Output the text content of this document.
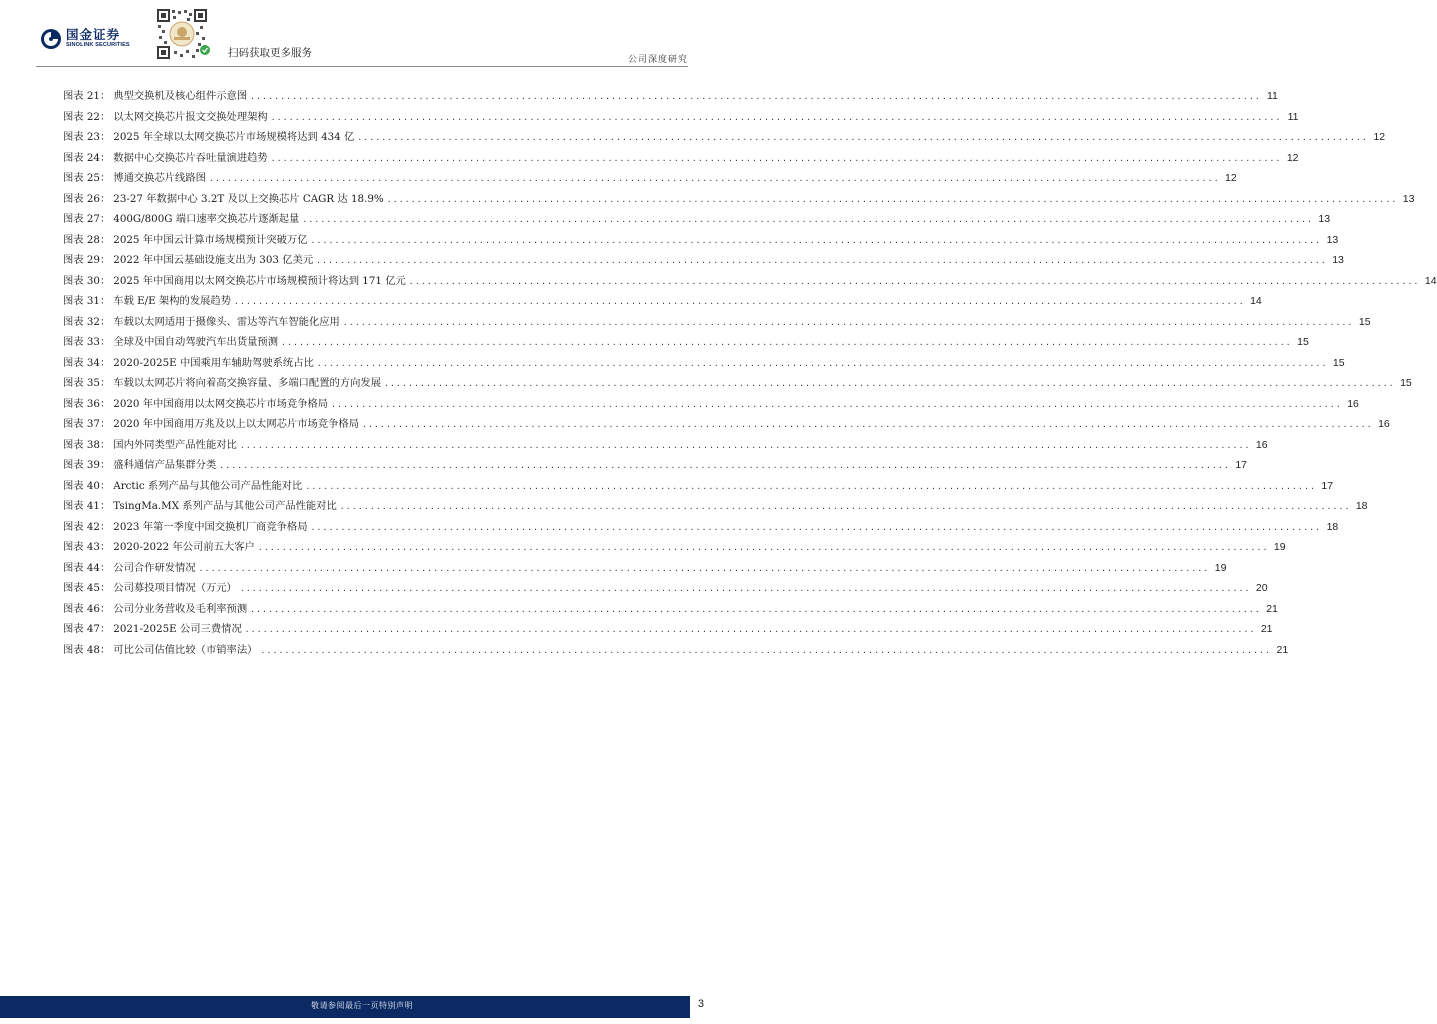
国金证券
SINOLINK SECURITIES
扫码获取更多服务
公司深度研究
图表 21： 典型交换机及核心组件示意图 .....	11
图表 22： 以太网交换芯片报文交换处理架构 .....	11
图表 23： 2025 年全球以太网交换芯片市场规模将达到 434 亿 .....	12
图表 24： 数据中心交换芯片吞吐量演进趋势 .....	12
图表 25： 博通交换芯片线路图 .....	12
图表 26： 23-27 年数据中心 3.2T 及以上交换芯片 CAGR 达 18.9% .....	13
图表 27： 400G/800G 端口速率交换芯片逐渐起量 .....	13
图表 28： 2025 年中国云计算市场规模预计突破万亿 .....	13
图表 29： 2022 年中国云基础设施支出为 303 亿美元 .....	13
图表 30： 2025 年中国商用以太网交换芯片市场规模预计将达到 171 亿元 .....	14
图表 31： 车载 E/E 架构的发展趋势 .....	14
图表 32： 车载以太网适用于摄像头、雷达等汽车智能化应用 .....	15
图表 33： 全球及中国自动驾驶汽车出货量预测 .....	15
图表 34： 2020-2025E 中国乘用车辅助驾驶系统占比 .....	15
图表 35： 车载以太网芯片将向着高交换容量、多端口配置的方向发展 .....	15
图表 36： 2020 年中国商用以太网交换芯片市场竞争格局 .....	16
图表 37： 2020 年中国商用万兆及以上以太网芯片市场竞争格局 .....	16
图表 38： 国内外同类型产品性能对比 .....	16
图表 39： 盛科通信产品集群分类 .....	17
图表 40： Arctic 系列产品与其他公司产品性能对比 .....	17
图表 41： TsingMa.MX 系列产品与其他公司产品性能对比 .....	18
图表 42： 2023 年第一季度中国交换机厂商竞争格局 .....	18
图表 43： 2020-2022 年公司前五大客户 .....	19
图表 44： 公司合作研发情况 .....	19
图表 45： 公司募投项目情况（万元） .....	20
图表 46： 公司分业务营收及毛利率预测 .....	21
图表 47： 2021-2025E 公司三费情况 .....	21
图表 48： 可比公司估值比较（市销率法） .....	21
敬请参阅最后一页特别声明	3
